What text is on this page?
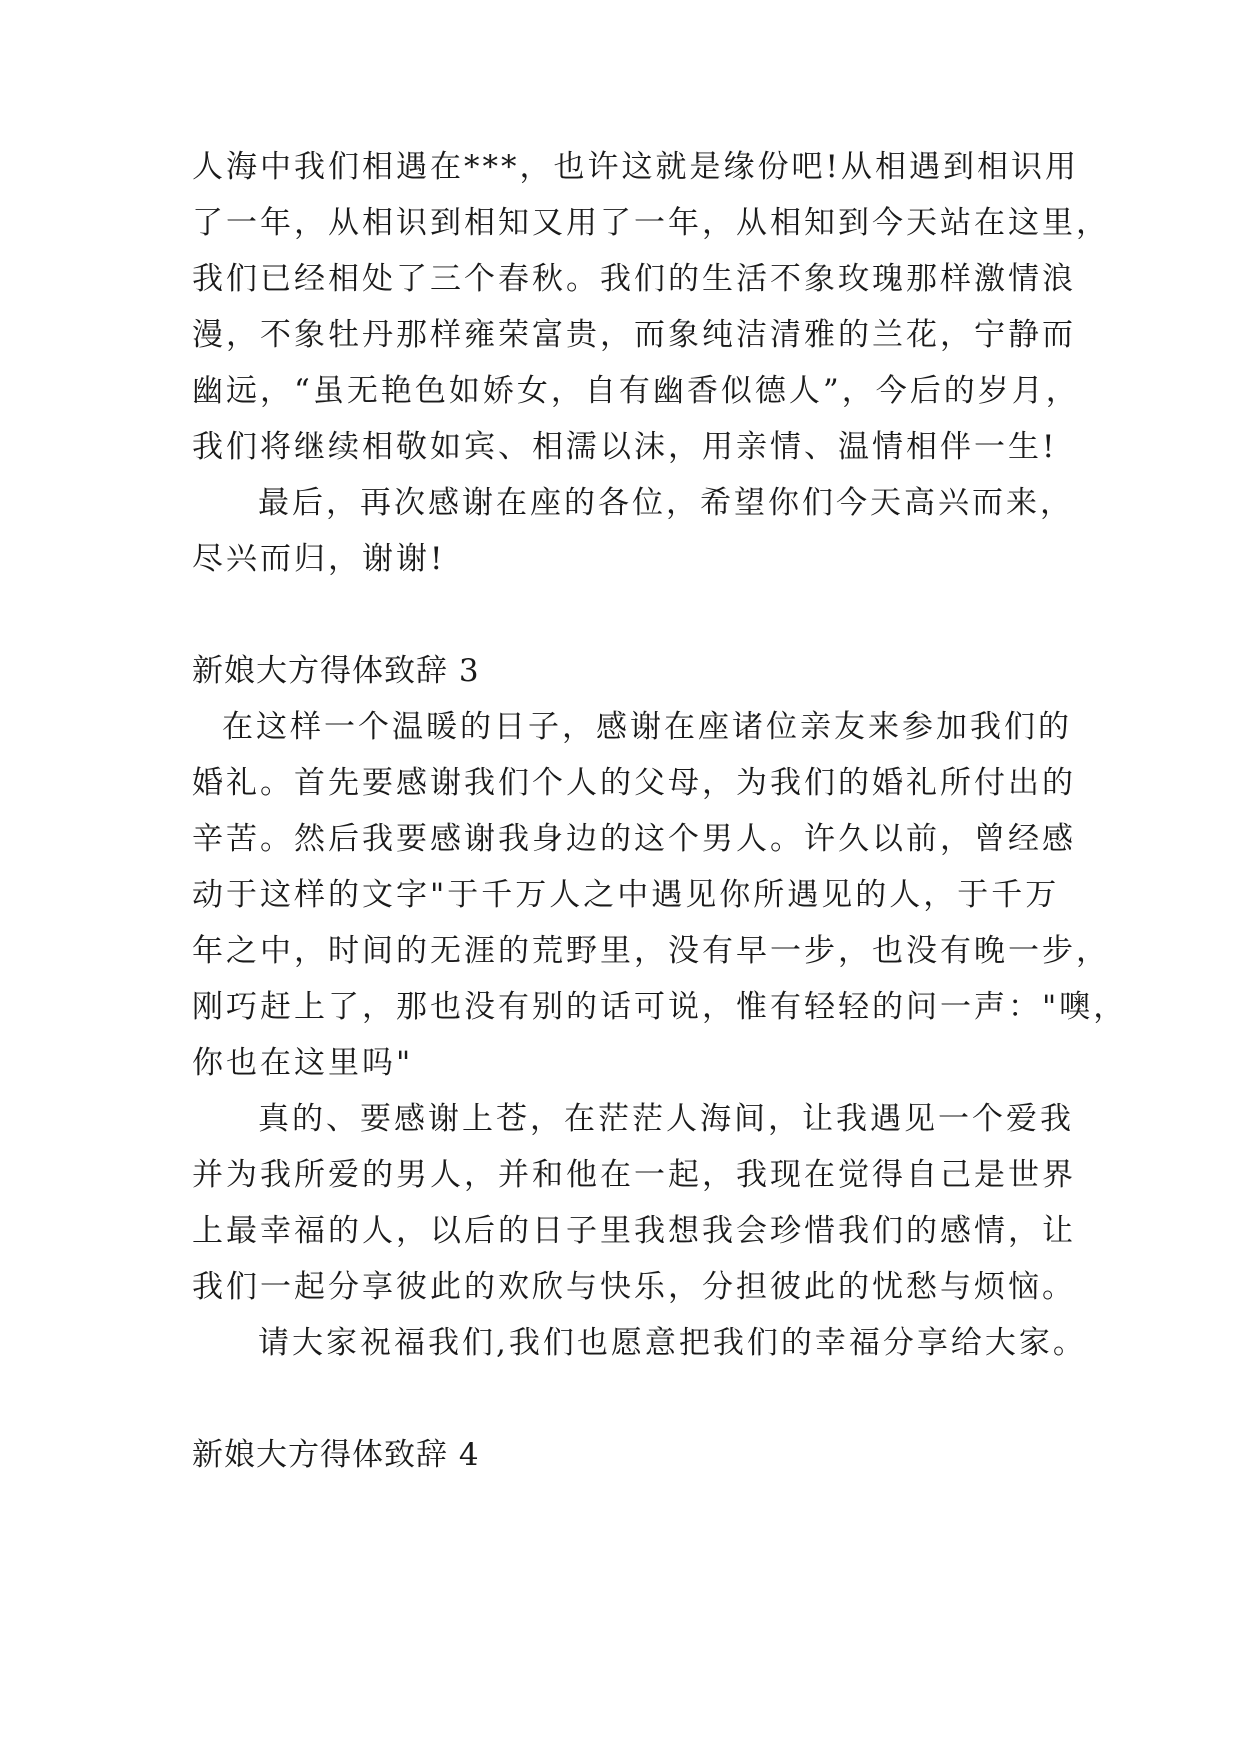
人海中我们相遇在***，也许这就是缘份吧!从相遇到相识用
了一年，从相识到相知又用了一年，从相知到今天站在这里，
我们已经相处了三个春秋。我们的生活不象玫瑰那样激情浪
漫，不象牡丹那样雍荣富贵，而象纯洁清雅的兰花，宁静而
幽远，“虽无艳色如娇女，自有幽香似德人”，今后的岁月，
我们将继续相敬如宾、相濡以沫，用亲情、温情相伴一生!
最后，再次感谢在座的各位，希望你们今天高兴而来，
尽兴而归，谢谢!
新娘大方得体致辞 3
在这样一个温暖的日子，感谢在座诸位亲友来参加我们的
婚礼。首先要感谢我们个人的父母，为我们的婚礼所付出的
辛苦。然后我要感谢我身边的这个男人。许久以前，曾经感
动于这样的文字"于千万人之中遇见你所遇见的人，于千万
年之中，时间的无涯的荒野里，没有早一步，也没有晚一步，
刚巧赶上了，那也没有别的话可说，惟有轻轻的问一声："噢，
你也在这里吗"
真的、要感谢上苍，在茫茫人海间，让我遇见一个爱我
并为我所爱的男人，并和他在一起，我现在觉得自己是世界
上最幸福的人，以后的日子里我想我会珍惜我们的感情，让
我们一起分享彼此的欢欣与快乐，分担彼此的忧愁与烦恼。
请大家祝福我们,我们也愿意把我们的幸福分享给大家。
新娘大方得体致辞 4
